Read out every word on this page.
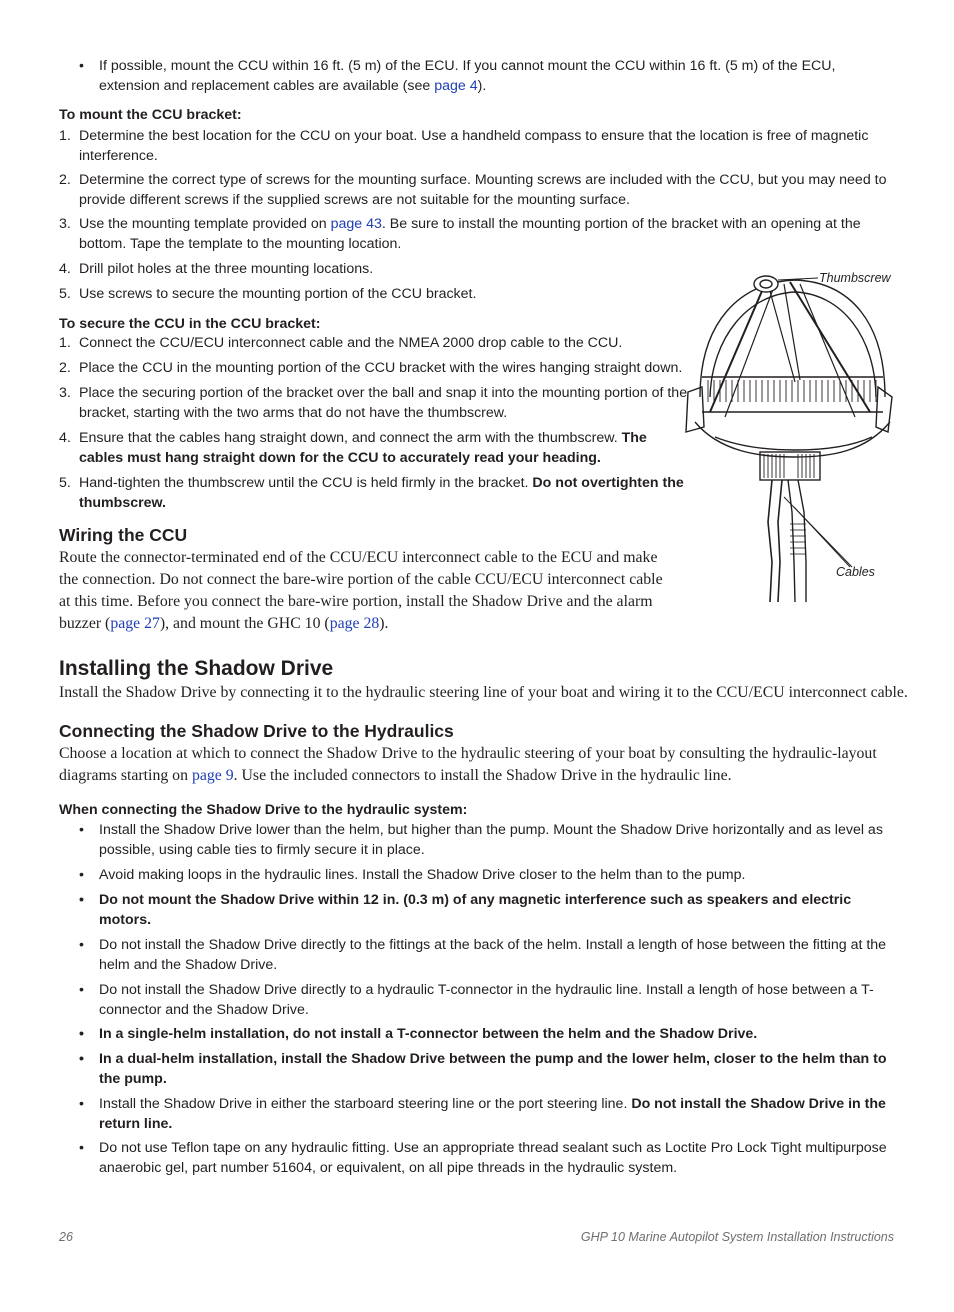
• If possible, mount the CCU within 16 ft. (5 m) of the ECU. If you cannot mount the CCU within 16 ft. (5 m) of the ECU, extension and replacement cables are available (see page 4).
To mount the CCU bracket:
1. Determine the best location for the CCU on your boat. Use a handheld compass to ensure that the location is free of magnetic interference.
2. Determine the correct type of screws for the mounting surface. Mounting screws are included with the CCU, but you may need to provide different screws if the supplied screws are not suitable for the mounting surface.
3. Use the mounting template provided on page 43. Be sure to install the mounting portion of the bracket with an opening at the bottom. Tape the template to the mounting location.
4. Drill pilot holes at the three mounting locations.
5. Use screws to secure the mounting portion of the CCU bracket.
To secure the CCU in the CCU bracket:
1. Connect the CCU/ECU interconnect cable and the NMEA 2000 drop cable to the CCU.
2. Place the CCU in the mounting portion of the CCU bracket with the wires hanging straight down.
3. Place the securing portion of the bracket over the ball and snap it into the mounting portion of the bracket, starting with the two arms that do not have the thumbscrew.
4. Ensure that the cables hang straight down, and connect the arm with the thumbscrew. The cables must hang straight down for the CCU to accurately read your heading.
5. Hand-tighten the thumbscrew until the CCU is held firmly in the bracket. Do not overtighten the thumbscrew.
Wiring the CCU
Route the connector-terminated end of the CCU/ECU interconnect cable to the ECU and make the connection. Do not connect the bare-wire portion of the cable CCU/ECU interconnect cable at this time. Before you connect the bare-wire portion, install the Shadow Drive and the alarm buzzer (page 27), and mount the GHC 10 (page 28).
Thumbscrew
Cables
Installing the Shadow Drive
Install the Shadow Drive by connecting it to the hydraulic steering line of your boat and wiring it to the CCU/ECU interconnect cable.
Connecting the Shadow Drive to the Hydraulics
Choose a location at which to connect the Shadow Drive to the hydraulic steering of your boat by consulting the hydraulic-layout diagrams starting on page 9. Use the included connectors to install the Shadow Drive in the hydraulic line.
When connecting the Shadow Drive to the hydraulic system:
• Install the Shadow Drive lower than the helm, but higher than the pump. Mount the Shadow Drive horizontally and as level as possible, using cable ties to firmly secure it in place.
• Avoid making loops in the hydraulic lines. Install the Shadow Drive closer to the helm than to the pump.
• Do not mount the Shadow Drive within 12 in. (0.3 m) of any magnetic interference such as speakers and electric motors.
• Do not install the Shadow Drive directly to the fittings at the back of the helm. Install a length of hose between the fitting at the helm and the Shadow Drive.
• Do not install the Shadow Drive directly to a hydraulic T-connector in the hydraulic line. Install a length of hose between a T-connector and the Shadow Drive.
• In a single-helm installation, do not install a T-connector between the helm and the Shadow Drive.
• In a dual-helm installation, install the Shadow Drive between the pump and the lower helm, closer to the helm than to the pump.
• Install the Shadow Drive in either the starboard steering line or the port steering line. Do not install the Shadow Drive in the return line.
• Do not use Teflon tape on any hydraulic fitting. Use an appropriate thread sealant such as Loctite Pro Lock Tight multipurpose anaerobic gel, part number 51604, or equivalent, on all pipe threads in the hydraulic system.
26	GHP 10 Marine Autopilot System Installation Instructions
